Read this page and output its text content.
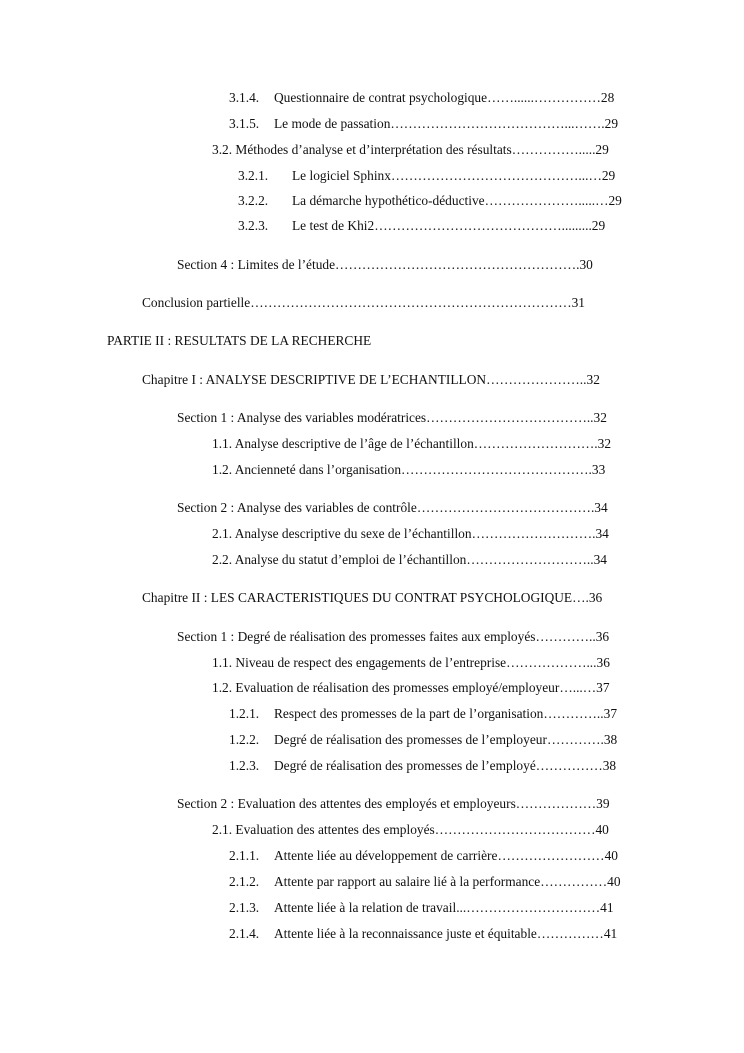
3.1.4. Questionnaire de contrat psychologique……......……………28
3.1.5. Le mode de passation…………………………………...…….29
3.2. Méthodes d’analyse et d’interprétation des résultats…………….....29
3.2.1. Le logiciel Sphinx……………………………………...…29
3.2.2. La démarche hypothético-déductive………………….....…29
3.2.3. Le test de Khi2…………………………………….........29
Section 4 : Limites de l’étude……………………………………………….30
Conclusion partielle………………………………………………………………31
PARTIE II : RESULTATS DE LA RECHERCHE
Chapitre I : ANALYSE DESCRIPTIVE DE L’ECHANTILLON…………………..32
Section 1 : Analyse des variables modératrices………………………………..32
1.1. Analyse descriptive de l’âge de l’échantillon……………………….32
1.2. Ancienneté dans l’organisation…………………………………….33
Section 2 : Analyse des variables de contrôle………………………………….34
2.1. Analyse descriptive du sexe de l’échantillon……………………….34
2.2. Analyse du statut d’emploi de l’échantillon………………………..34
Chapitre II : LES CARACTERISTIQUES DU CONTRAT PSYCHOLOGIQUE….36
Section 1 : Degré de réalisation des promesses faites aux employés…………..36
1.1. Niveau de respect des engagements de l’entreprise………………...36
1.2. Evaluation de réalisation des promesses employé/employeur…...…37
1.2.1. Respect des promesses de la part de l’organisation…………..37
1.2.2. Degré de réalisation des promesses de l’employeur………….38
1.2.3. Degré de réalisation des promesses de l’employé……………38
Section 2 : Evaluation des attentes des employés et employeurs………………39
2.1. Evaluation des attentes des employés………………………………40
2.1.1. Attente liée au développement de carrière……………………40
2.1.2. Attente par rapport au salaire lié à la performance……………40
2.1.3. Attente liée à la relation de travail...…………………………41
2.1.4. Attente liée à la reconnaissance juste et équitable……………41
